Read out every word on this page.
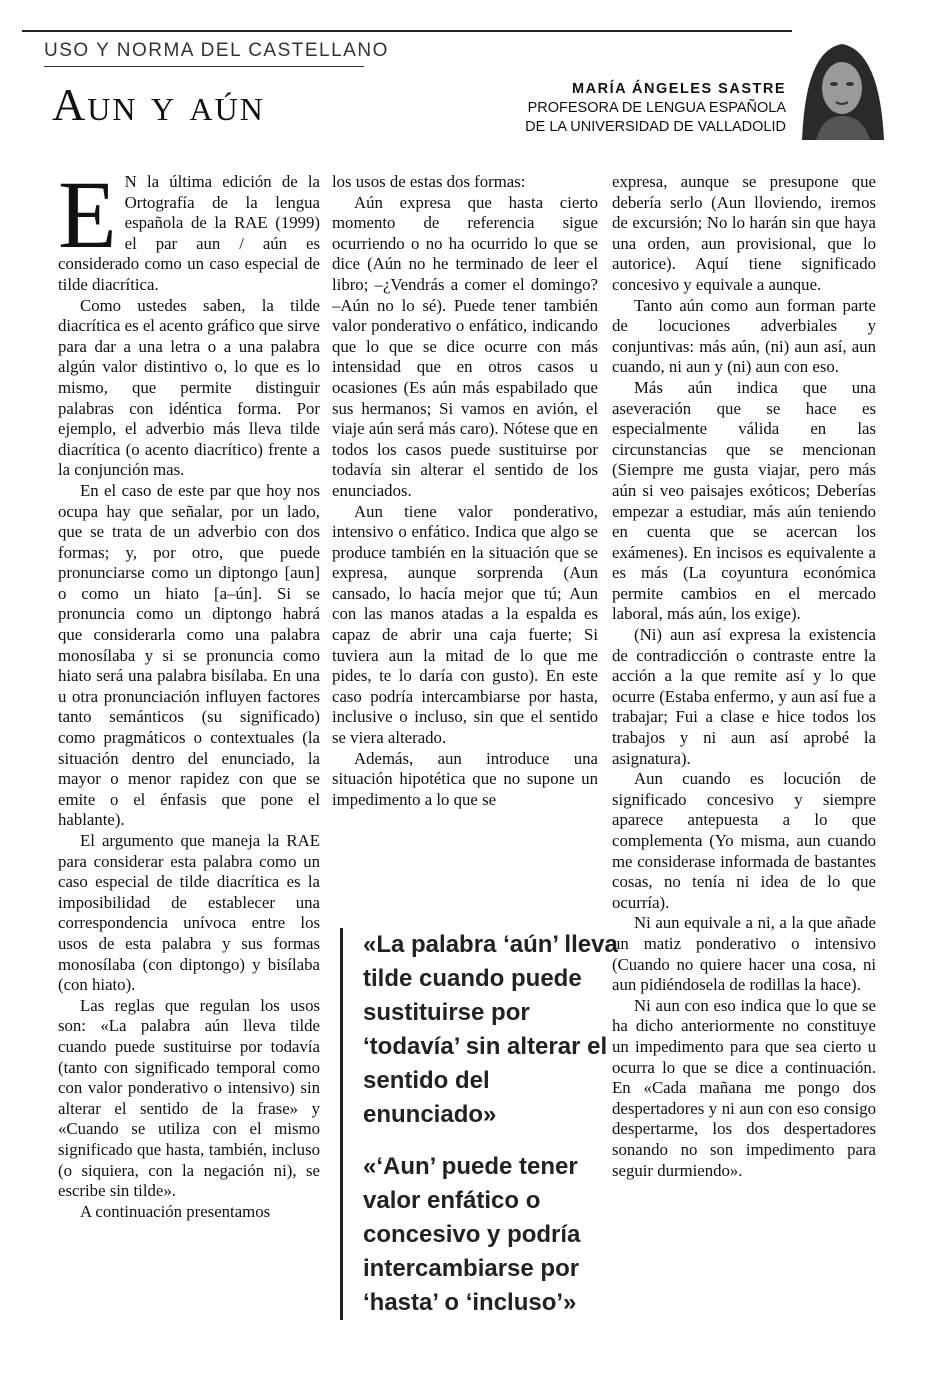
USO Y NORMA DEL CASTELLANO
Aun y aún	MARÍA ÁNGELES SASTRE
PROFESORA DE LENGUA ESPAÑOLA
DE LA UNIVERSIDAD DE VALLADOLID

E N la última edición de la Ortografía de la lengua española de la RAE (1999) el par aun / aún es considerado como un caso especial de tilde diacrítica.

Como ustedes saben, la tilde diacrítica es el acento gráfico que sirve para dar a una letra o a una palabra algún valor distintivo o, lo que es lo mismo, que permite distinguir palabras con idéntica forma. Por ejemplo, el adverbio más lleva tilde diacrítica (o acento diacrítico) frente a la conjunción mas.

En el caso de este par que hoy nos ocupa hay que señalar, por un lado, que se trata de un adverbio con dos formas; y, por otro, que puede pronunciarse como un diptongo [aun] o como un hiato [a–ún]. Si se pronuncia como un diptongo habrá que considerarla como una palabra monosílaba y si se pronuncia como hiato será una palabra bisílaba. En una u otra pronunciación influyen factores tanto semánticos (su significado) como pragmáticos o contextuales (la situación dentro del enunciado, la mayor o menor rapidez con que se emite o el énfasis que pone el hablante).

El argumento que maneja la RAE para considerar esta palabra como un caso especial de tilde diacrítica es la imposibilidad de establecer una correspondencia unívoca entre los usos de esta palabra y sus formas monosílaba (con diptongo) y bisílaba (con hiato).

Las reglas que regulan los usos son: «La palabra aún lleva tilde cuando puede sustituirse por todavía (tanto con significado temporal como con valor ponderativo o intensivo) sin alterar el sentido de la frase» y «Cuando se utiliza con el mismo significado que hasta, también, incluso (o siquiera, con la negación ni), se escribe sin tilde».

A continuación presentamos

los usos de estas dos formas:

Aún expresa que hasta cierto momento de referencia sigue ocurriendo o no ha ocurrido lo que se dice (Aún no he terminado de leer el libro; –¿Vendrás a comer el domingo? –Aún no lo sé). Puede tener también valor ponderativo o enfático, indicando que lo que se dice ocurre con más intensidad que en otros casos u ocasiones (Es aún más espabilado que sus hermanos; Si vamos en avión, el viaje aún será más caro). Nótese que en todos los casos puede sustituirse por todavía sin alterar el sentido de los enunciados.

Aun tiene valor ponderativo, intensivo o enfático. Indica que algo se produce también en la situación que se expresa, aunque sorprenda (Aun cansado, lo hacía mejor que tú; Aun con las manos atadas a la espalda es capaz de abrir una caja fuerte; Si tuviera aun la mitad de lo que me pides, te lo daría con gusto). En este caso podría intercambiarse por hasta, inclusive o incluso, sin que el sentido se viera alterado.

Además, aun introduce una situación hipotética que no supone un impedimento a lo que se

«La palabra ‘aún’ lleva tilde cuando puede sustituirse por ‘todavía’ sin alterar el sentido del enunciado»

«‘Aun’ puede tener valor enfático o concesivo y podría intercambiarse por ‘hasta’ o ‘incluso’»

expresa, aunque se presupone que debería serlo (Aun lloviendo, iremos de excursión; No lo harán sin que haya una orden, aun provisional, que lo autorice). Aquí tiene significado concesivo y equivale a aunque.

Tanto aún como aun forman parte de locuciones adverbiales y conjuntivas: más aún, (ni) aun así, aun cuando, ni aun y (ni) aun con eso.

Más aún indica que una aseveración que se hace es especialmente válida en las circunstancias que se mencionan (Siempre me gusta viajar, pero más aún si veo paisajes exóticos; Deberías empezar a estudiar, más aún teniendo en cuenta que se acercan los exámenes). En incisos es equivalente a es más (La coyuntura económica permite cambios en el mercado laboral, más aún, los exige).

(Ni) aun así expresa la existencia de contradicción o contraste entre la acción a la que remite así y lo que ocurre (Estaba enfermo, y aun así fue a trabajar; Fui a clase e hice todos los trabajos y ni aun así aprobé la asignatura).

Aun cuando es locución de significado concesivo y siempre aparece antepuesta a lo que complementa (Yo misma, aun cuando me considerase informada de bastantes cosas, no tenía ni idea de lo que ocurría).

Ni aun equivale a ni, a la que añade un matiz ponderativo o intensivo (Cuando no quiere hacer una cosa, ni aun pidiéndosela de rodillas la hace).

Ni aun con eso indica que lo que se ha dicho anteriormente no constituye un impedimento para que sea cierto u ocurra lo que se dice a continuación. En «Cada mañana me pongo dos despertadores y ni aun con eso consigo despertarme, los dos despertadores sonando no son impedimento para seguir durmiendo».
